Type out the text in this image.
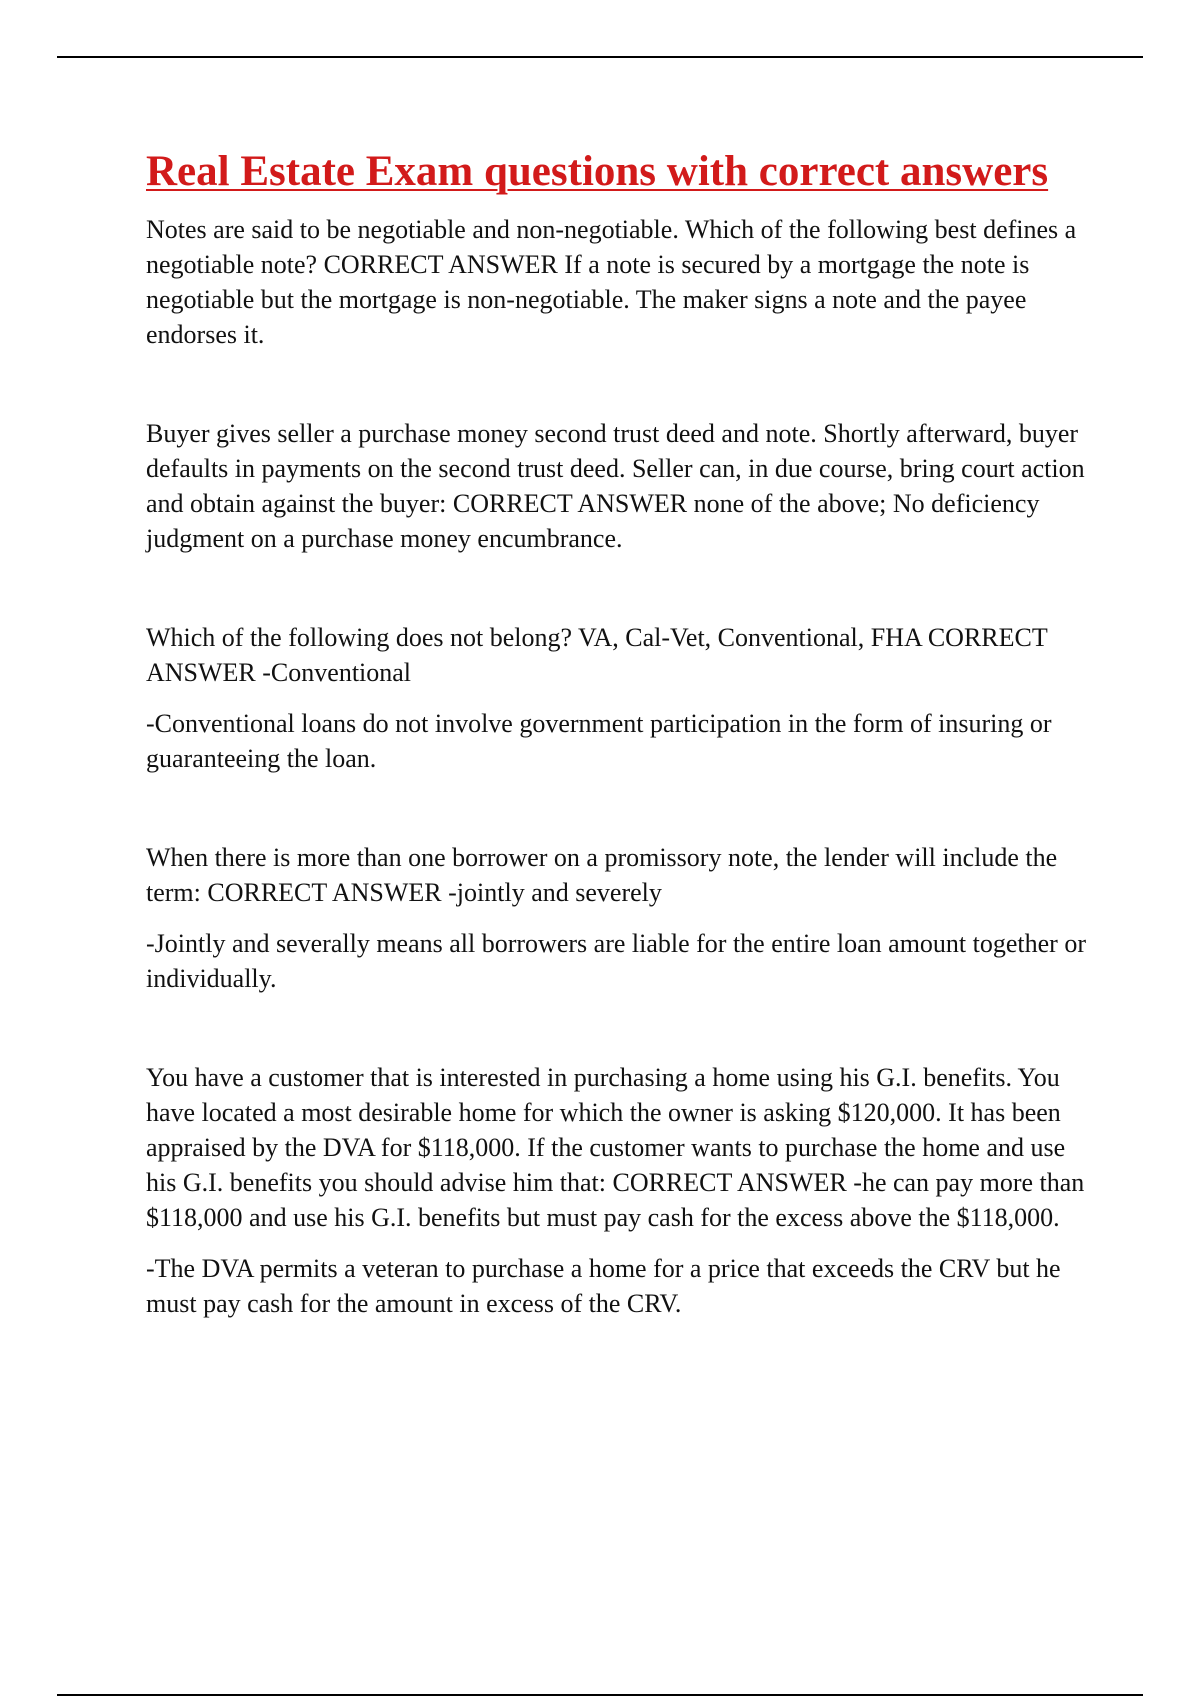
Real Estate Exam questions with correct answers

Notes are said to be negotiable and non-negotiable. Which of the following best defines a negotiable note? CORRECT ANSWER If a note is secured by a mortgage the note is negotiable but the mortgage is non-negotiable. The maker signs a note and the payee endorses it.

Buyer gives seller a purchase money second trust deed and note. Shortly afterward, buyer defaults in payments on the second trust deed. Seller can, in due course, bring court action and obtain against the buyer: CORRECT ANSWER none of the above; No deficiency judgment on a purchase money encumbrance.

Which of the following does not belong? VA, Cal-Vet, Conventional, FHA CORRECT ANSWER -Conventional

-Conventional loans do not involve government participation in the form of insuring or guaranteeing the loan.

When there is more than one borrower on a promissory note, the lender will include the term: CORRECT ANSWER -jointly and severely

-Jointly and severally means all borrowers are liable for the entire loan amount together or individually.

You have a customer that is interested in purchasing a home using his G.I. benefits. You have located a most desirable home for which the owner is asking $120,000. It has been appraised by the DVA for $118,000. If the customer wants to purchase the home and use his G.I. benefits you should advise him that: CORRECT ANSWER -he can pay more than $118,000 and use his G.I. benefits but must pay cash for the excess above the $118,000.

-The DVA permits a veteran to purchase a home for a price that exceeds the CRV but he must pay cash for the amount in excess of the CRV.
